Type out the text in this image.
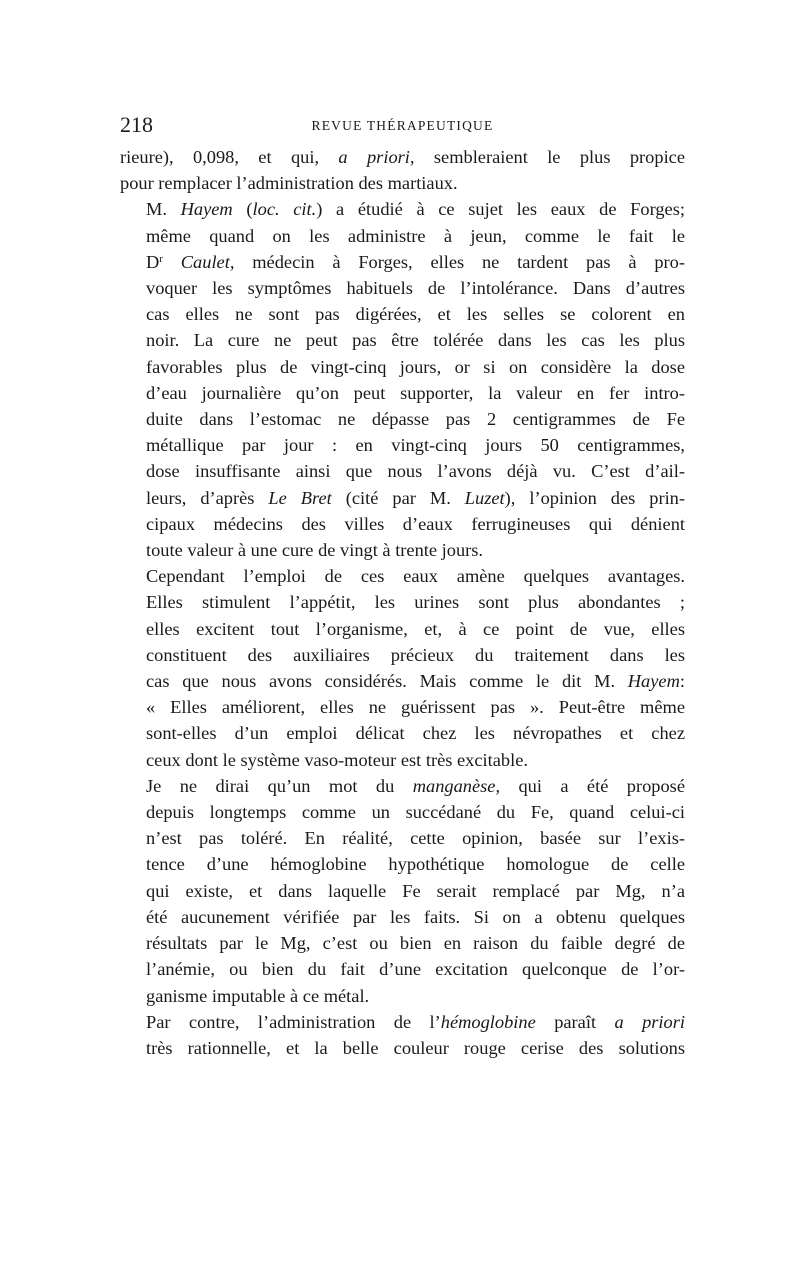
218	REVUE THÉRAPEUTIQUE

rieure), 0,098, et qui, a priori, sembleraient le plus propice
pour remplacer l’administration des martiaux.

M. Hayem (loc. cit.) a étudié à ce sujet les eaux de Forges;
même quand on les administre à jeun, comme le fait le
$D^r$ Caulet, médecin à Forges, elles ne tardent pas à pro-
voquer les symptômes habituels de l’intolérance. Dans d’autres
cas elles ne sont pas digérées, et les selles se colorent en
noir. La cure ne peut pas être tolérée dans les cas les plus
favorables plus de vingt-cinq jours, or si on considère la dose
d’eau journalière qu’on peut supporter, la valeur en fer intro-
duite dans l’estomac ne dépasse pas 2 centigrammes de Fe
métallique par jour : en vingt-cinq jours 50 centigrammes,
dose insuffisante ainsi que nous l’avons déjà vu. C’est d’ail-
leurs, d’après Le Bret (cité par M. Luzet), l’opinion des prin-
cipaux médecins des villes d’eaux ferrugineuses qui dénient
toute valeur à une cure de vingt à trente jours.

Cependant l’emploi de ces eaux amène quelques avantages.
Elles stimulent l’appétit, les urines sont plus abondantes ;
elles excitent tout l’organisme, et, à ce point de vue, elles
constituent des auxiliaires précieux du traitement dans les
cas que nous avons considérés. Mais comme le dit M. Hayem:
« Elles améliorent, elles ne guérissent pas ». Peut-être même
sont-elles d’un emploi délicat chez les névropathes et chez
ceux dont le système vaso-moteur est très excitable.

Je ne dirai qu’un mot du manganèse, qui a été proposé
depuis longtemps comme un succédané du Fe, quand celui-ci
n’est pas toléré. En réalité, cette opinion, basée sur l’exis-
tence d’une hémoglobine hypothétique homologue de celle
qui existe, et dans laquelle Fe serait remplacé par Mg, n’a
été aucunement vérifiée par les faits. Si on a obtenu quelques
résultats par le Mg, c’est ou bien en raison du faible degré de
l’anémie, ou bien du fait d’une excitation quelconque de l’or-
ganisme imputable à ce métal.

Par contre, l’administration de l’hémoglobine paraît a priori
très rationnelle, et la belle couleur rouge cerise des solutions
